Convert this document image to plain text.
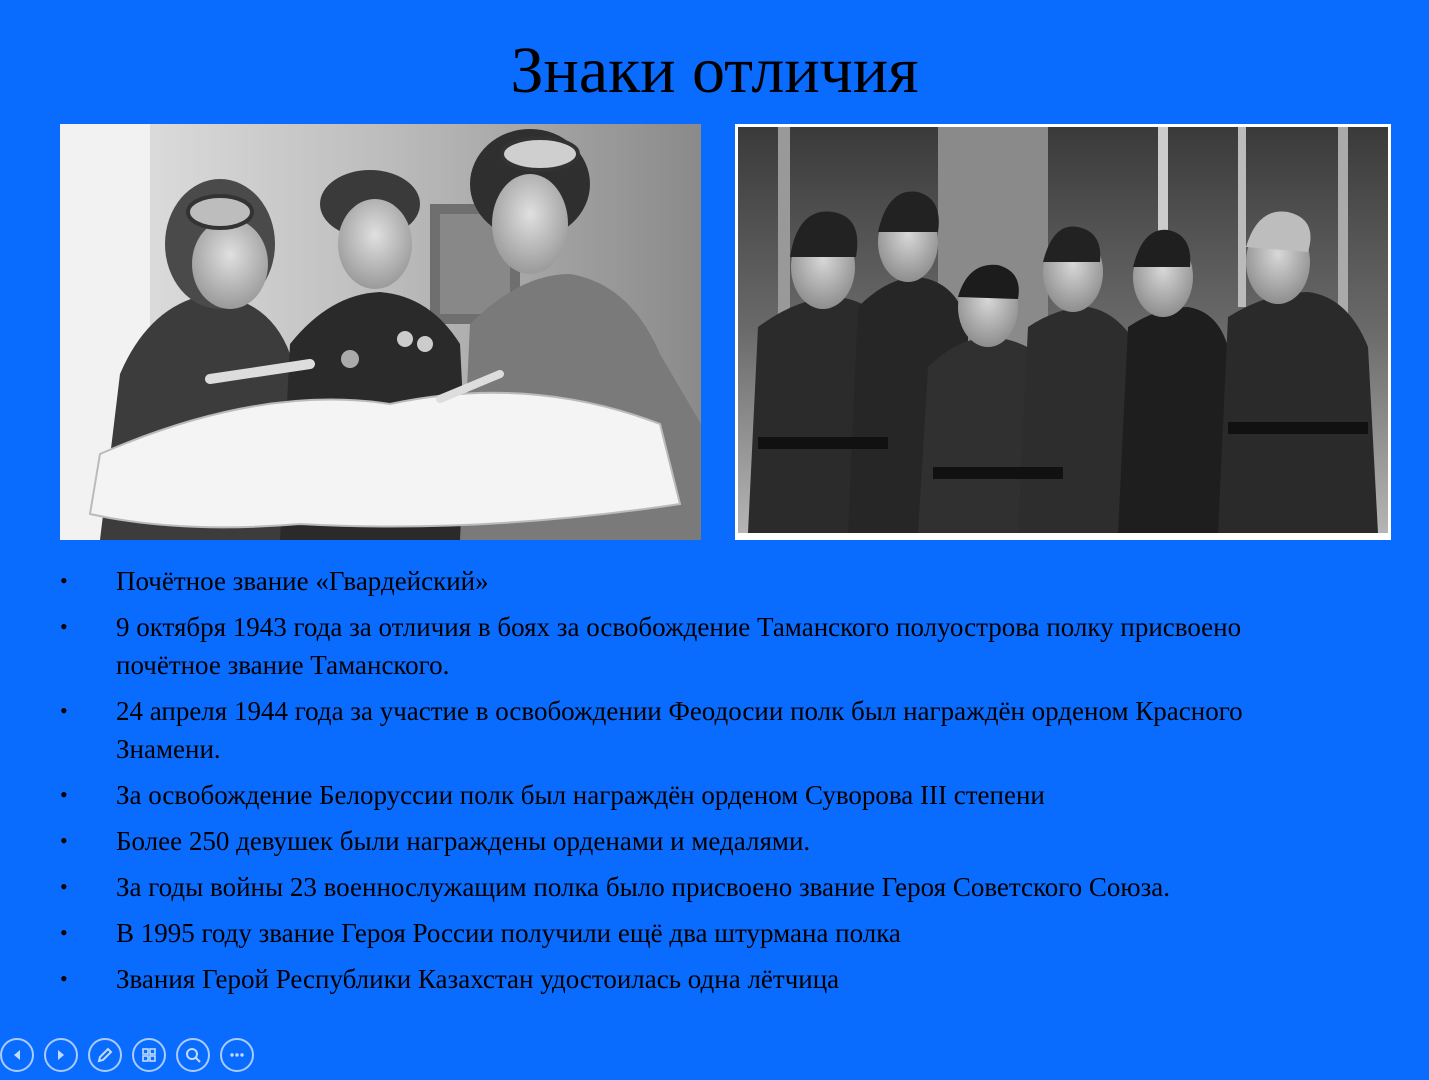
Знаки отличия
•	Почётное звание «Гвардейский»
•	9 октября 1943 года за отличия в боях за освобождение Таманского полуострова полку присвоено почётное звание Таманского.
•	24 апреля 1944 года за участие в освобождении Феодосии полк был награждён орденом Красного Знамени.
•	За освобождение Белоруссии полк был награждён орденом Суворова III степени
•	Более 250 девушек были награждены орденами и медалями.
•	За годы войны 23 военнослужащим полка было присвоено звание Героя Советского Союза.
•	В 1995 году звание Героя России получили ещё два штурмана полка
•	Звания Герой Республики Казахстан удостоилась одна лётчица
